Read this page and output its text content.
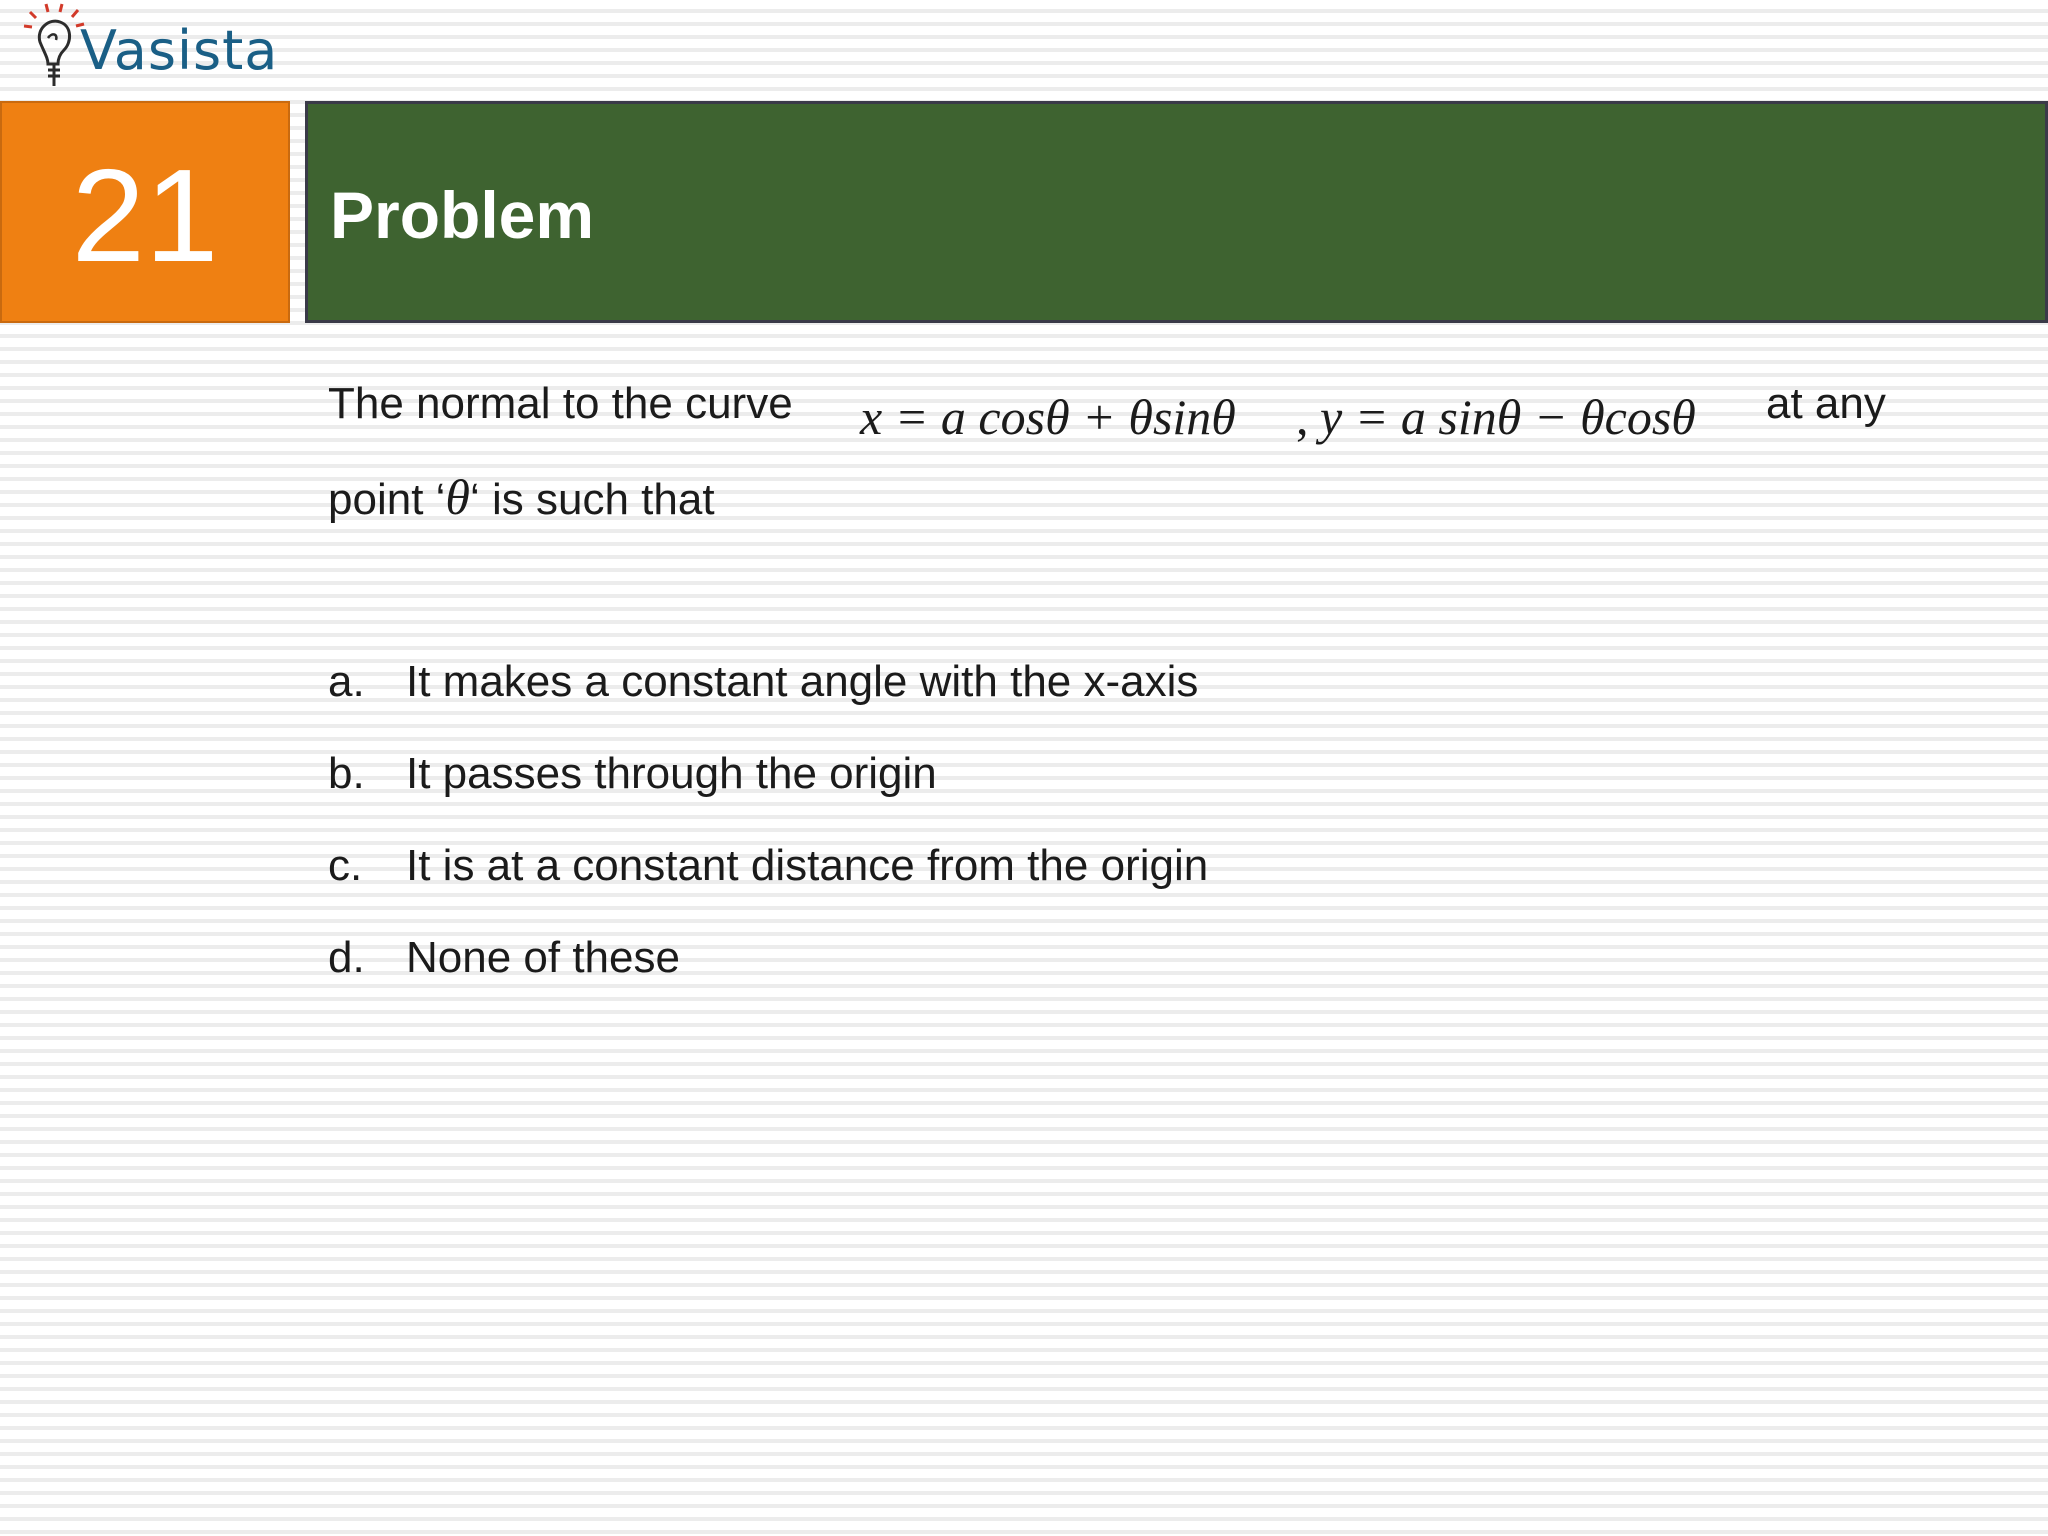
Vasista
21 Problem
The normal to the curve x = a cosθ + θsinθ , y = a sinθ − θcosθ at any
point ‘θ‘ is such that
a. It makes a constant angle with the x-axis
b. It passes through the origin
c. It is at a constant distance from the origin
d. None of these
